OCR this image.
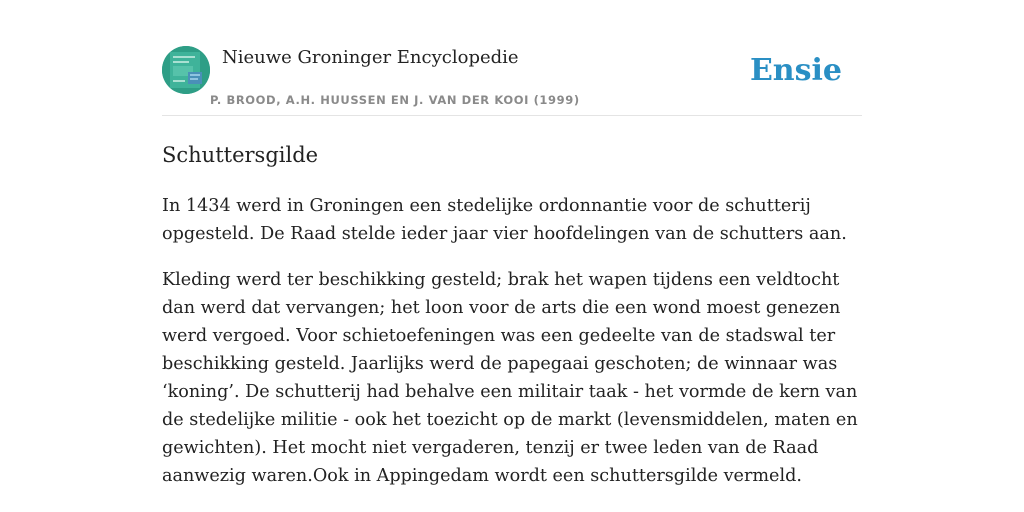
Nieuwe Groninger Encyclopedie
P. BROOD, A.H. HUUSSEN EN J. VAN DER KOOI (1999)
Ensie
Schuttersgilde

In 1434 werd in Groningen een stedelijke ordonnantie voor de schutterij opgesteld. De Raad stelde ieder jaar vier hoofdelingen van de schutters aan.

Kleding werd ter beschikking gesteld; brak het wapen tijdens een veldtocht dan werd dat vervangen; het loon voor de arts die een wond moest genezen werd vergoed. Voor schietoefeningen was een gedeelte van de stadswal ter beschikking gesteld. Jaarlijks werd de papegaai geschoten; de winnaar was ‘koning’. De schutterij had behalve een militair taak - het vormde de kern van de stedelijke militie - ook het toezicht op de markt (levensmiddelen, maten en gewichten). Het mocht niet vergaderen, tenzij er twee leden van de Raad aanwezig waren.Ook in Appingedam wordt een schuttersgilde vermeld.
